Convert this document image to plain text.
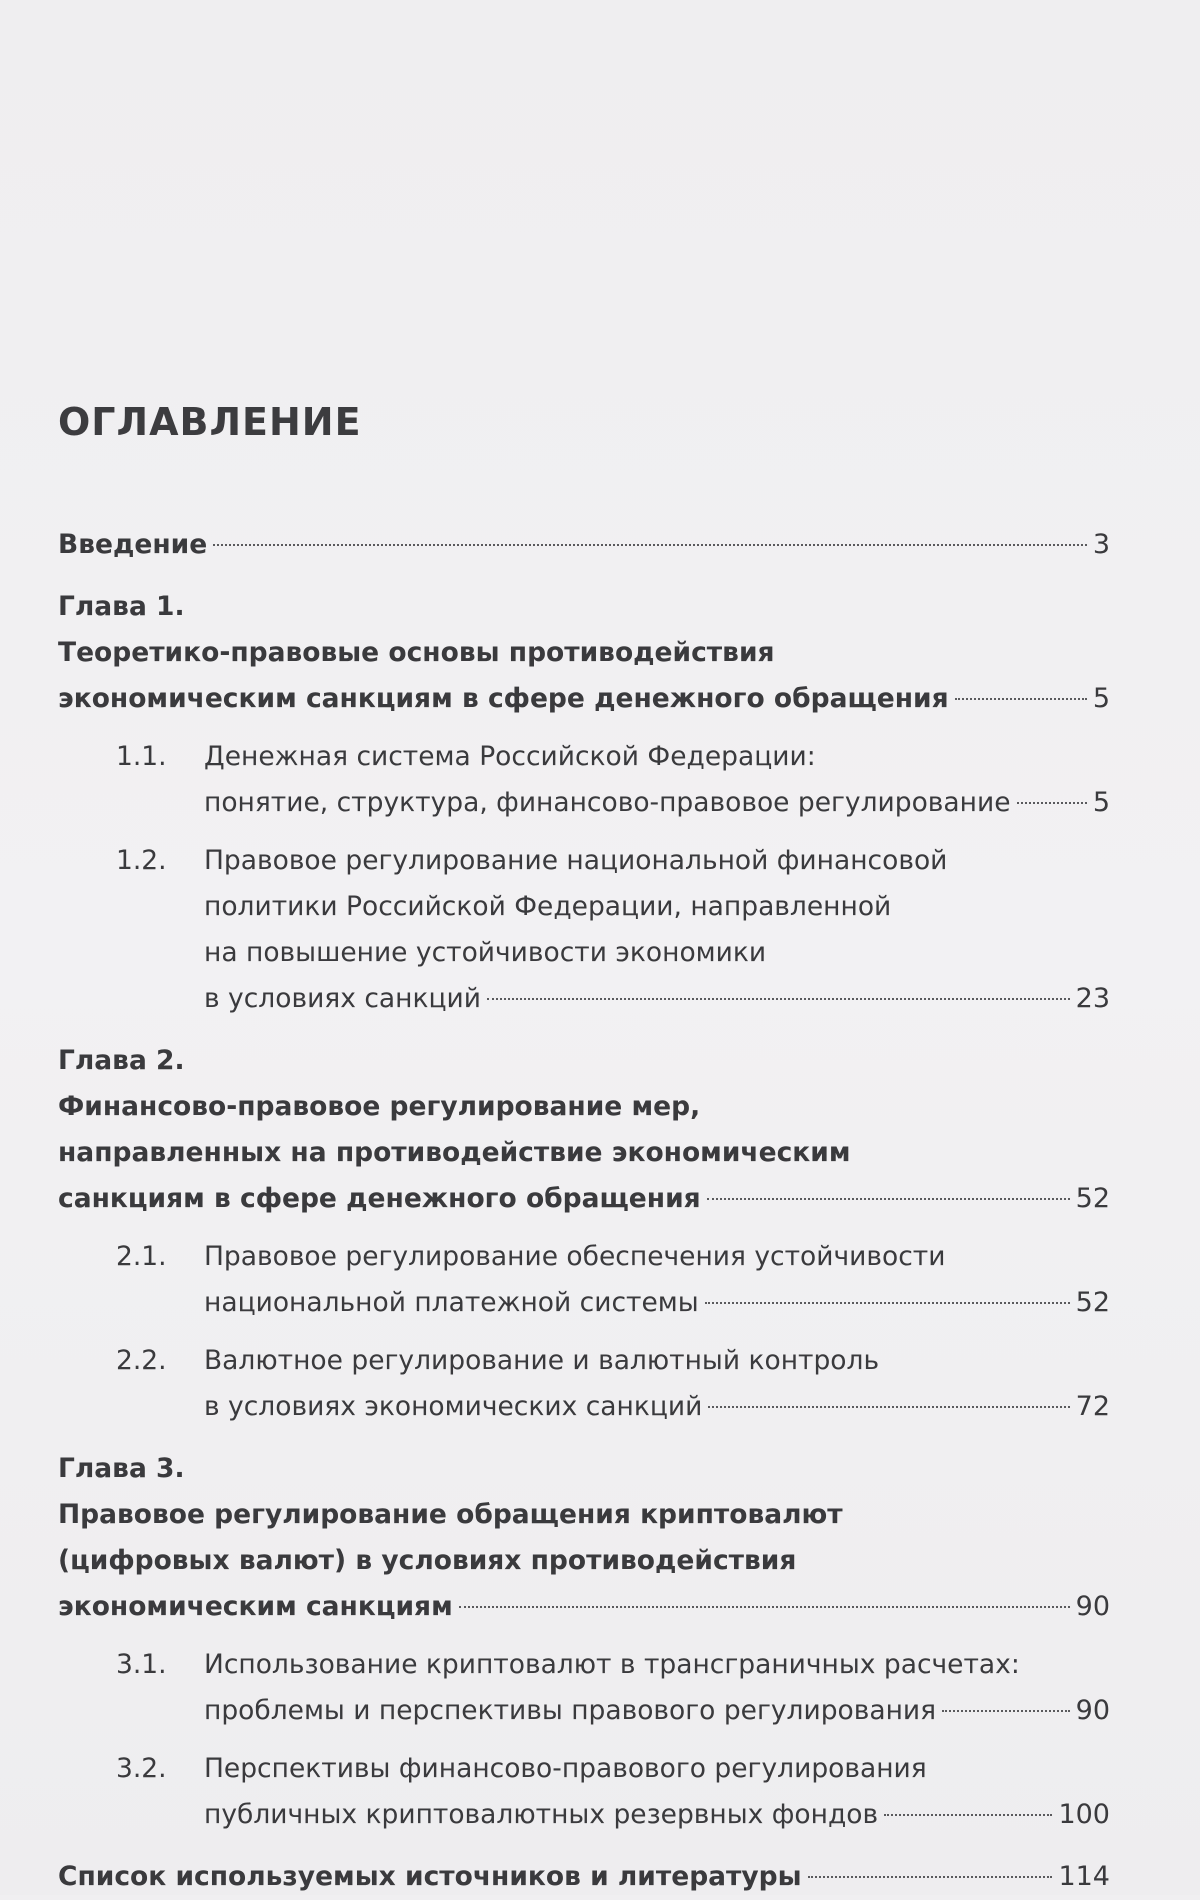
ОГЛАВЛЕНИЕ
Введение	3
Глава 1.
Теоретико-правовые основы противодействия
экономическим санкциям в сфере денежного обращения	5
1.1.	Денежная система Российской Федерации:
понятие, структура, финансово-правовое регулирование	5
1.2.	Правовое регулирование национальной финансовой
политики Российской Федерации, направленной
на повышение устойчивости экономики
в условиях санкций	23
Глава 2.
Финансово-правовое регулирование мер,
направленных на противодействие экономическим
санкциям в сфере денежного обращения	52
2.1.	Правовое регулирование обеспечения устойчивости
национальной платежной системы	52
2.2.	Валютное регулирование и валютный контроль
в условиях экономических санкций	72
Глава 3.
Правовое регулирование обращения криптовалют
(цифровых валют) в условиях противодействия
экономическим санкциям	90
3.1.	Использование криптовалют в трансграничных расчетах:
проблемы и перспективы правового регулирования	90
3.2.	Перспективы финансово-правового регулирования
публичных криптовалютных резервных фондов	100
Список используемых источников и литературы	114
